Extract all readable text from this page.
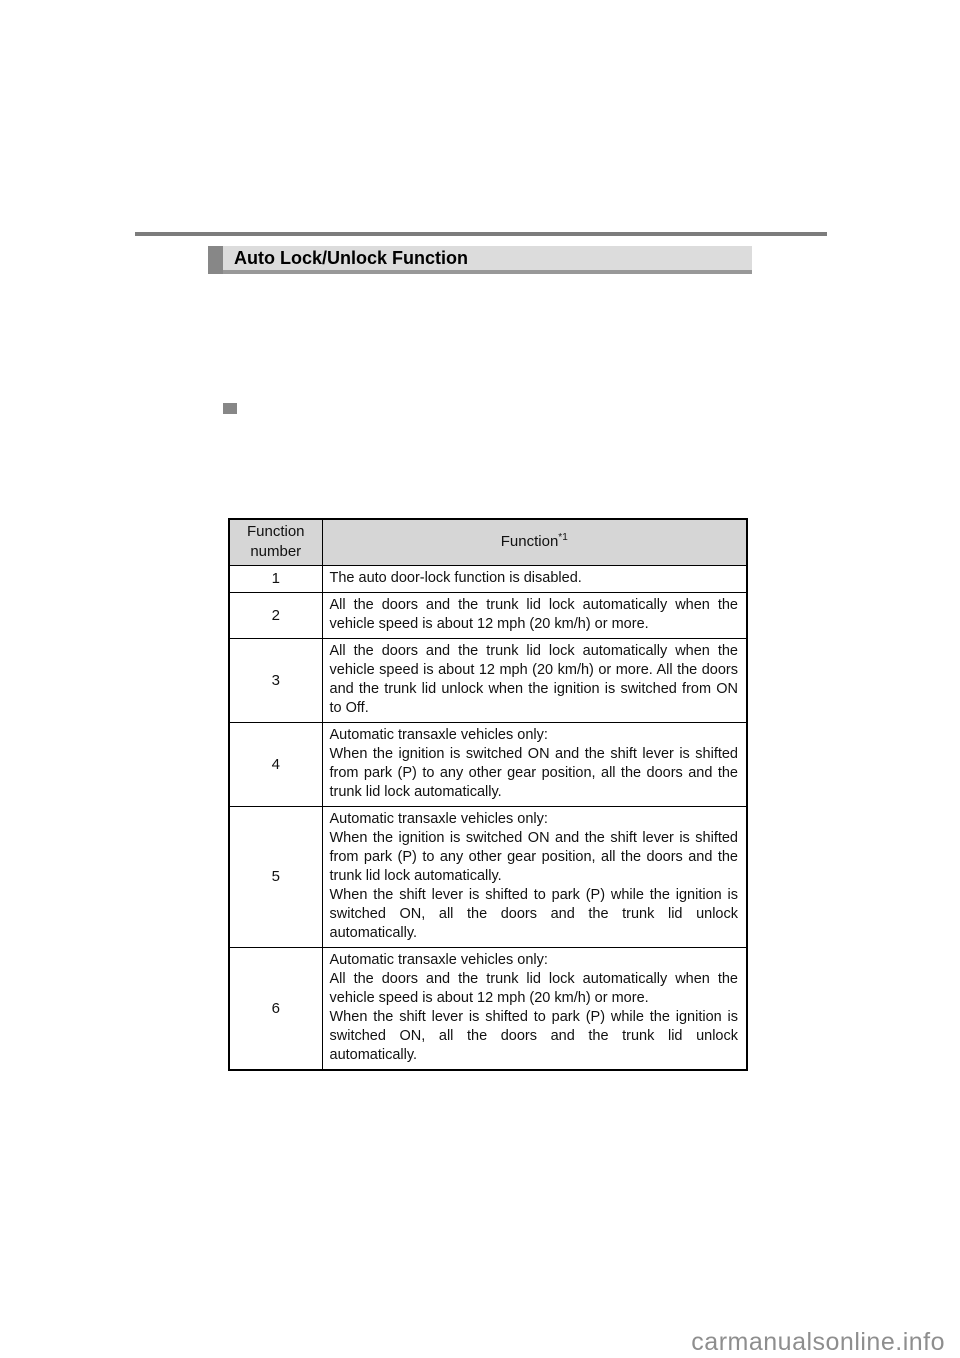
Auto Lock/Unlock Function
Function
number	Function$^{*1}$
1	The auto door-lock function is disabled.

2	All the doors and the trunk lid lock automatically when the vehicle speed is about 12 mph (20 km/h) or more.

3	All the doors and the trunk lid lock automatically when the vehicle speed is about 12 mph (20 km/h) or more. All the doors and the trunk lid unlock when the ignition is switched from ON to Off.

4	Automatic transaxle vehicles only:
When the ignition is switched ON and the shift lever is shifted from park (P) to any other gear position, all the doors and the trunk lid lock automatically.

5	Automatic transaxle vehicles only:
When the ignition is switched ON and the shift lever is shifted from park (P) to any other gear position, all the doors and the trunk lid lock automatically.
When the shift lever is shifted to park (P) while the ignition is switched ON, all the doors and the trunk lid unlock automatically.

6	Automatic transaxle vehicles only:
All the doors and the trunk lid lock automatically when the vehicle speed is about 12 mph (20 km/h) or more.
When the shift lever is shifted to park (P) while the ignition is switched ON, all the doors and the trunk lid unlock automatically.
carmanualsonline.info
